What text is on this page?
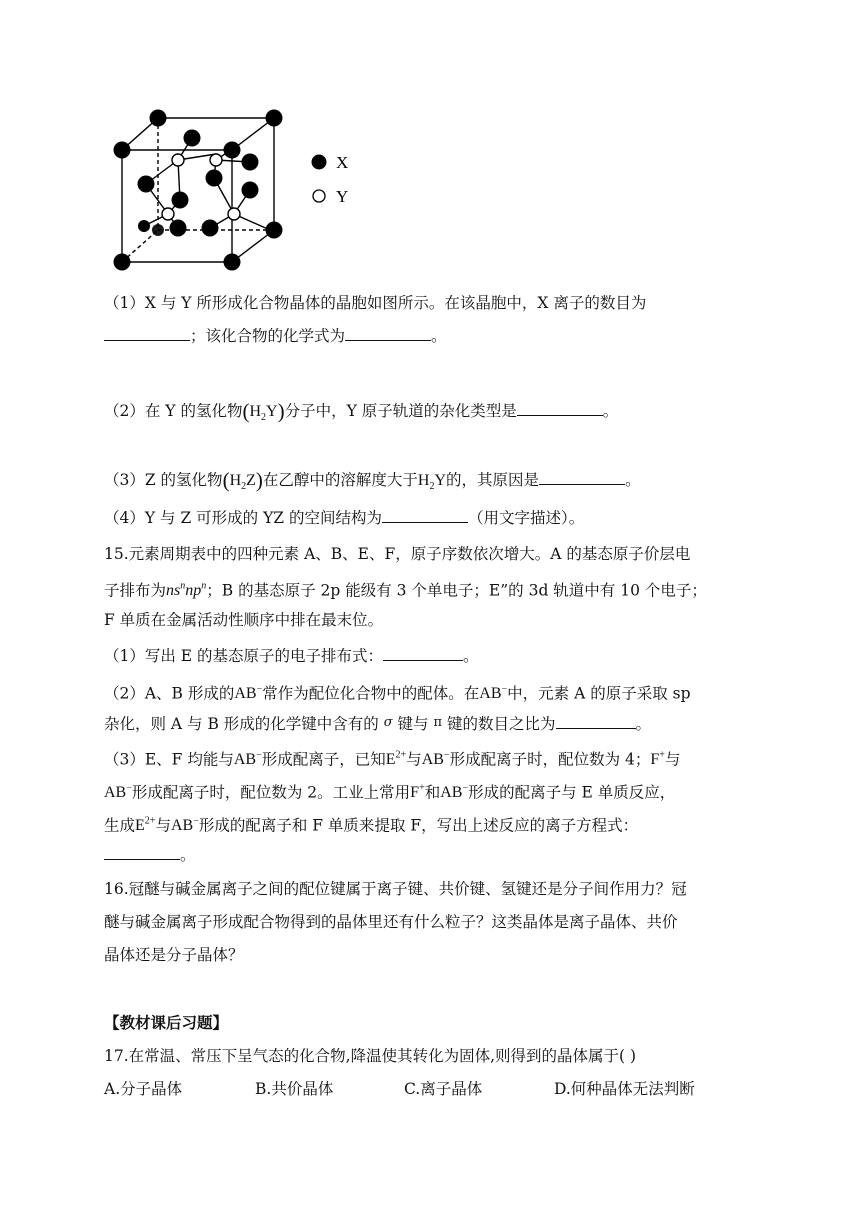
X
Y
（1）X 与 Y 所形成化合物晶体的晶胞如图所示。在该晶胞中，X 离子的数目为
；该化合物的化学式为	。
（2）在 Y 的氢化物$(H_2Y)$分子中，Y 原子轨道的杂化类型是	。
（3）Z 的氢化物$(H_2Z)$在乙醇中的溶解度大于$H_2Y$的，其原因是	。
（4）Y 与 Z 可形成的 YZ 的空间结构为	（用文字描述）。
15.元素周期表中的四种元素 A、B、E、F，原子序数依次增大。A 的基态原子价层电
子排布为$ns^nnp^n$；B 的基态原子 2p 能级有 3 个单电子；E”的 3d 轨道中有 10 个电子；
F 单质在金属活动性顺序中排在最末位。
（1）写出 E 的基态原子的电子排布式：	。
（2）A、B 形成的AB−常作为配位化合物中的配体。在AB−中，元素 A 的原子采取 sp
杂化，则 A 与 B 形成的化学键中含有的 σ 键与 π 键的数目之比为	。
（3）E、F 均能与AB−形成配离子，已知$E^{2+}$与AB−形成配离子时，配位数为 4；F+与
AB−形成配离子时，配位数为 2。工业上常用F+和AB−形成的配离子与 E 单质反应，
生成$E^{2+}$与AB−形成的配离子和 F 单质来提取 F，写出上述反应的离子方程式：
。
16.冠醚与碱金属离子之间的配位键属于离子键、共价键、氢键还是分子间作用力？冠
醚与碱金属离子形成配合物得到的晶体里还有什么粒子？这类晶体是离子晶体、共价
晶体还是分子晶体？
【教材课后习题】
17.在常温、常压下呈气态的化合物,降温使其转化为固体,则得到的晶体属于( )
A.分子晶体	B.共价晶体	C.离子晶体	D.何种晶体无法判断
